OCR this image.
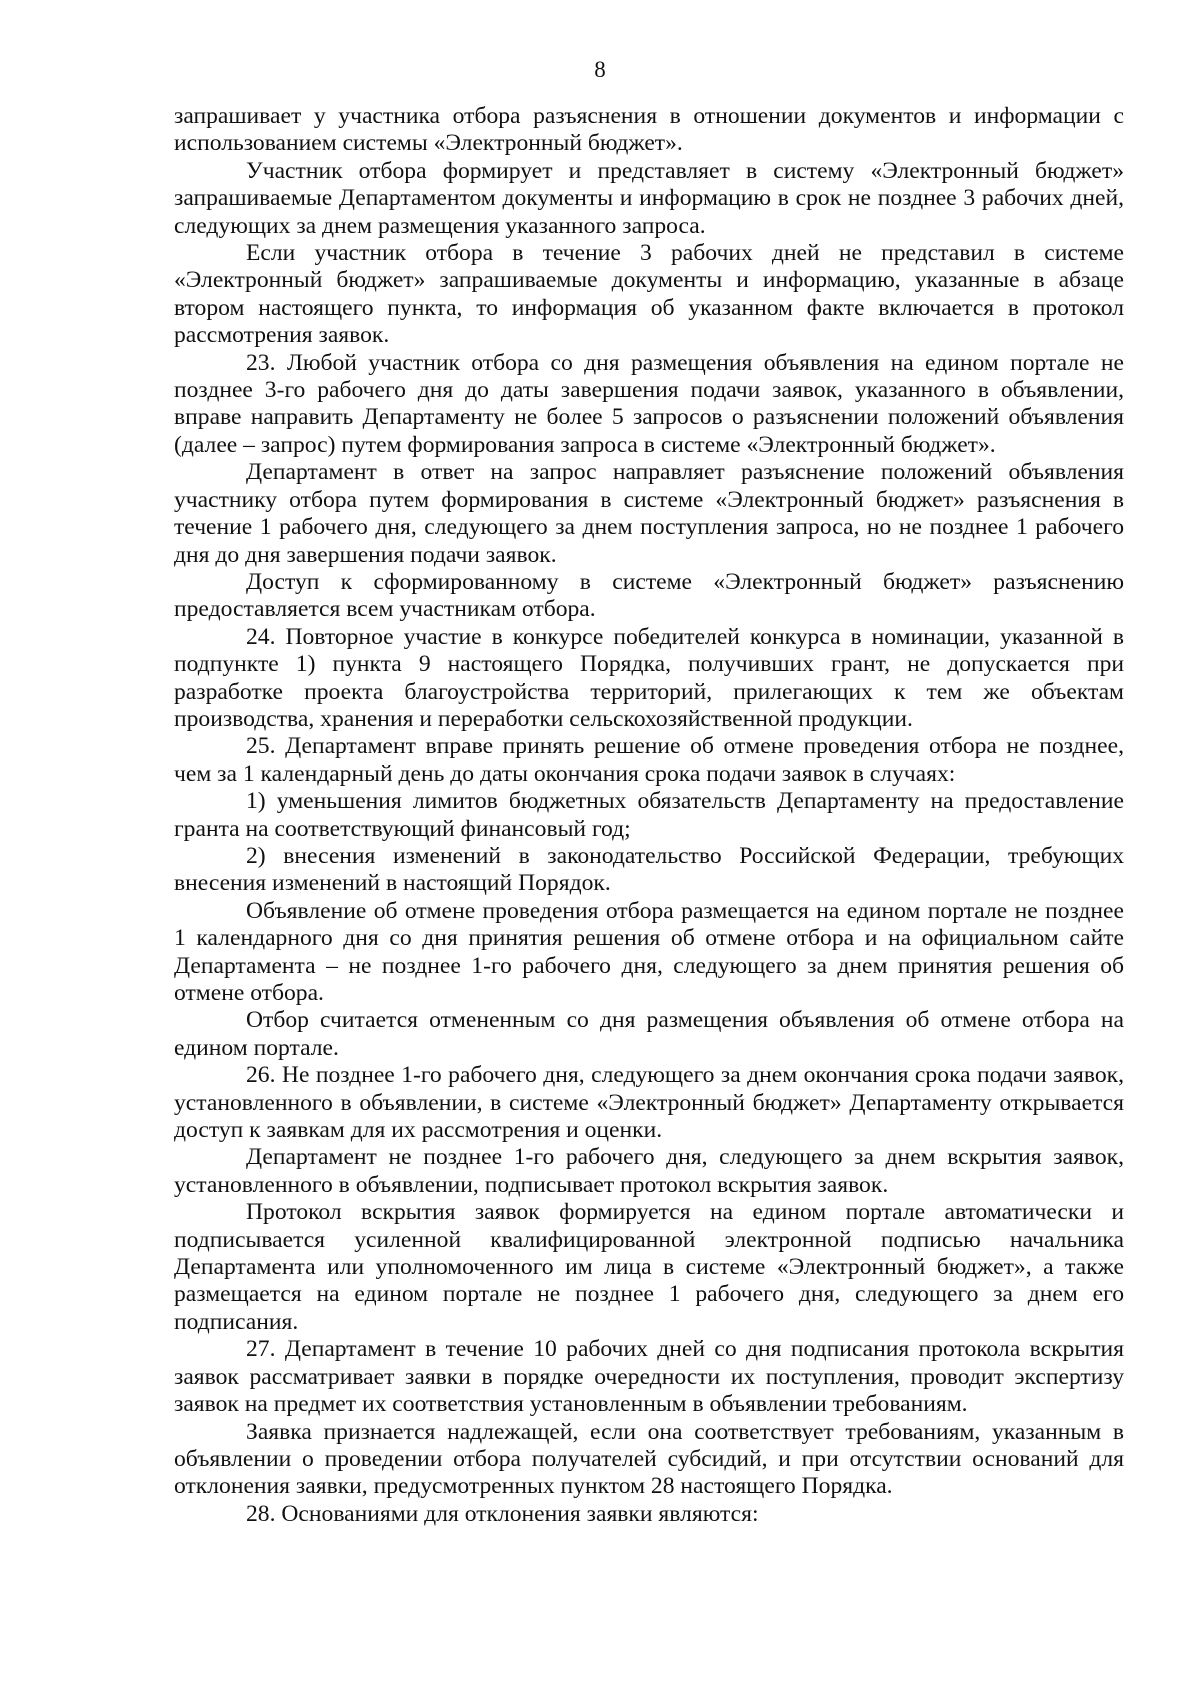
8

запрашивает у участника отбора разъяснения в отношении документов и информации с использованием системы «Электронный бюджет».

Участник отбора формирует и представляет в систему «Электронный бюджет» запрашиваемые Департаментом документы и информацию в срок не позднее 3 рабочих дней, следующих за днем размещения указанного запроса.

Если участник отбора в течение 3 рабочих дней не представил в системе «Электронный бюджет» запрашиваемые документы и информацию, указанные в абзаце втором настоящего пункта, то информация об указанном факте включается в протокол рассмотрения заявок.

23. Любой участник отбора со дня размещения объявления на едином портале не позднее 3-го рабочего дня до даты завершения подачи заявок, указанного в объявлении, вправе направить Департаменту не более 5 запросов о разъяснении положений объявления (далее – запрос) путем формирования запроса в системе «Электронный бюджет».

Департамент в ответ на запрос направляет разъяснение положений объявления участнику отбора путем формирования в системе «Электронный бюджет» разъяснения в течение 1 рабочего дня, следующего за днем поступления запроса, но не позднее 1 рабочего дня до дня завершения подачи заявок.

Доступ к сформированному в системе «Электронный бюджет» разъяснению предоставляется всем участникам отбора.

24. Повторное участие в конкурсе победителей конкурса в номинации, указанной в подпункте 1) пункта 9 настоящего Порядка, получивших грант, не допускается при разработке проекта благоустройства территорий, прилегающих к тем же объектам производства, хранения и переработки сельскохозяйственной продукции.

25. Департамент вправе принять решение об отмене проведения отбора не позднее, чем за 1 календарный день до даты окончания срока подачи заявок в случаях:

1) уменьшения лимитов бюджетных обязательств Департаменту на предоставление гранта на соответствующий финансовый год;

2) внесения изменений в законодательство Российской Федерации, требующих внесения изменений в настоящий Порядок.

Объявление об отмене проведения отбора размещается на едином портале не позднее 1 календарного дня со дня принятия решения об отмене отбора и на официальном сайте Департамента – не позднее 1-го рабочего дня, следующего за днем принятия решения об отмене отбора.

Отбор считается отмененным со дня размещения объявления об отмене отбора на едином портале.

26. Не позднее 1-го рабочего дня, следующего за днем окончания срока подачи заявок, установленного в объявлении, в системе «Электронный бюджет» Департаменту открывается доступ к заявкам для их рассмотрения и оценки.

Департамент не позднее 1-го рабочего дня, следующего за днем вскрытия заявок, установленного в объявлении, подписывает протокол вскрытия заявок.

Протокол вскрытия заявок формируется на едином портале автоматически и подписывается усиленной квалифицированной электронной подписью начальника Департамента или уполномоченного им лица в системе «Электронный бюджет», а также размещается на едином портале не позднее 1 рабочего дня, следующего за днем его подписания.

27. Департамент в течение 10 рабочих дней со дня подписания протокола вскрытия заявок рассматривает заявки в порядке очередности их поступления, проводит экспертизу заявок на предмет их соответствия установленным в объявлении требованиям.

Заявка признается надлежащей, если она соответствует требованиям, указанным в объявлении о проведении отбора получателей субсидий, и при отсутствии оснований для отклонения заявки, предусмотренных пунктом 28 настоящего Порядка.

28. Основаниями для отклонения заявки являются:
